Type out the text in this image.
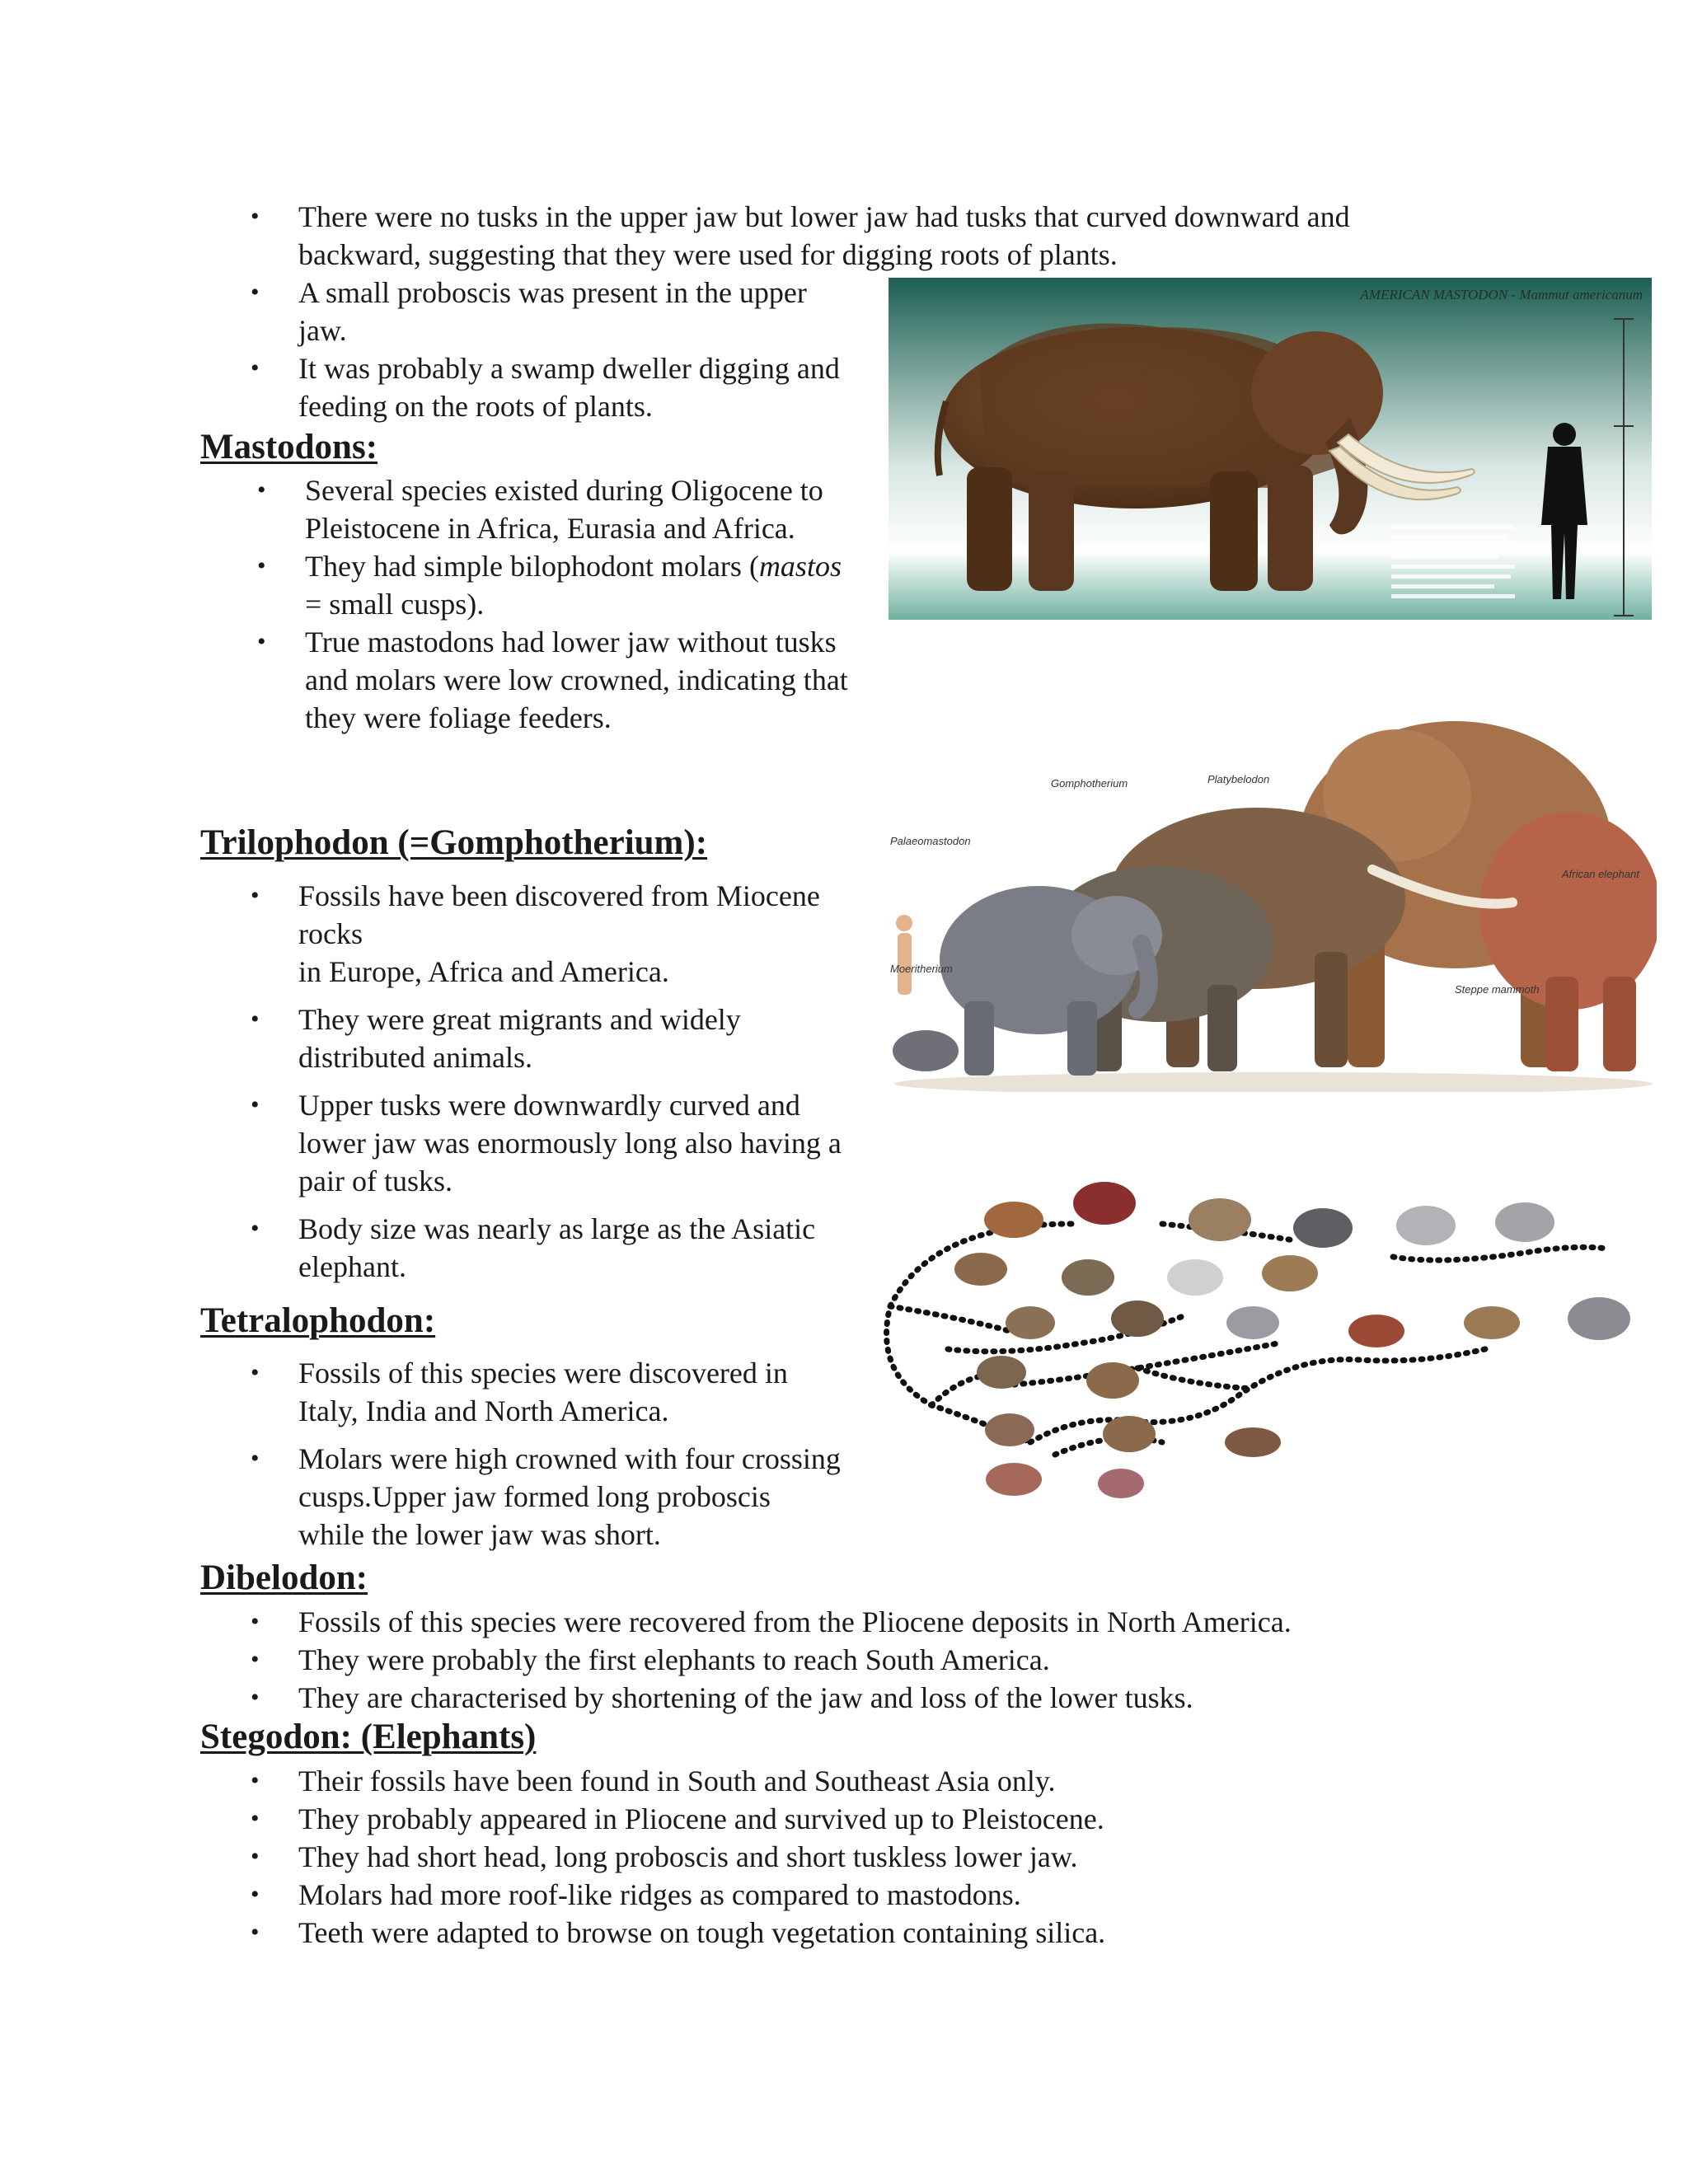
• There were no tusks in the upper jaw but lower jaw had tusks that curved downward and backward, suggesting that they were used for digging roots of plants.
• A small proboscis was present in the upper jaw.
• It was probably a swamp dweller digging and feeding on the roots of plants.
Mastodons:
• Several species existed during Oligocene to Pleistocene in Africa, Eurasia and Africa.
• They had simple bilophodont molars (mastos = small cusps).
• True mastodons had lower jaw without tusks and molars were low crowned, indicating that they were foliage feeders.
Trilophodon (=Gomphotherium):
• Fossils have been discovered from Miocene rocks
in Europe, Africa and America.
• They were great migrants and widely distributed animals.
• Upper tusks were downwardly curved and lower jaw was enormously long also having a pair of tusks.
• Body size was nearly as large as the Asiatic elephant.
Tetralophodon:
• Fossils of this species were discovered in Italy, India and North America.
• Molars were high crowned with four crossing cusps.Upper jaw formed long proboscis while the lower jaw was short.
Dibelodon:
• Fossils of this species were recovered from the Pliocene deposits in North America.
• They were probably the first elephants to reach South America.
• They are characterised by shortening of the jaw and loss of the lower tusks.
Stegodon: (Elephants)
• Their fossils have been found in South and Southeast Asia only.
• They probably appeared in Pliocene and survived up to Pleistocene.
• They had short head, long proboscis and short tuskless lower jaw.
• Molars had more roof-like ridges as compared to mastodons.
• Teeth were adapted to browse on tough vegetation containing silica.
AMERICAN MASTODON - Mammut americanum
Palaeomastodon
Gomphotherium	Platybelodon
Moeritherium
Steppe mammoth
African elephant
